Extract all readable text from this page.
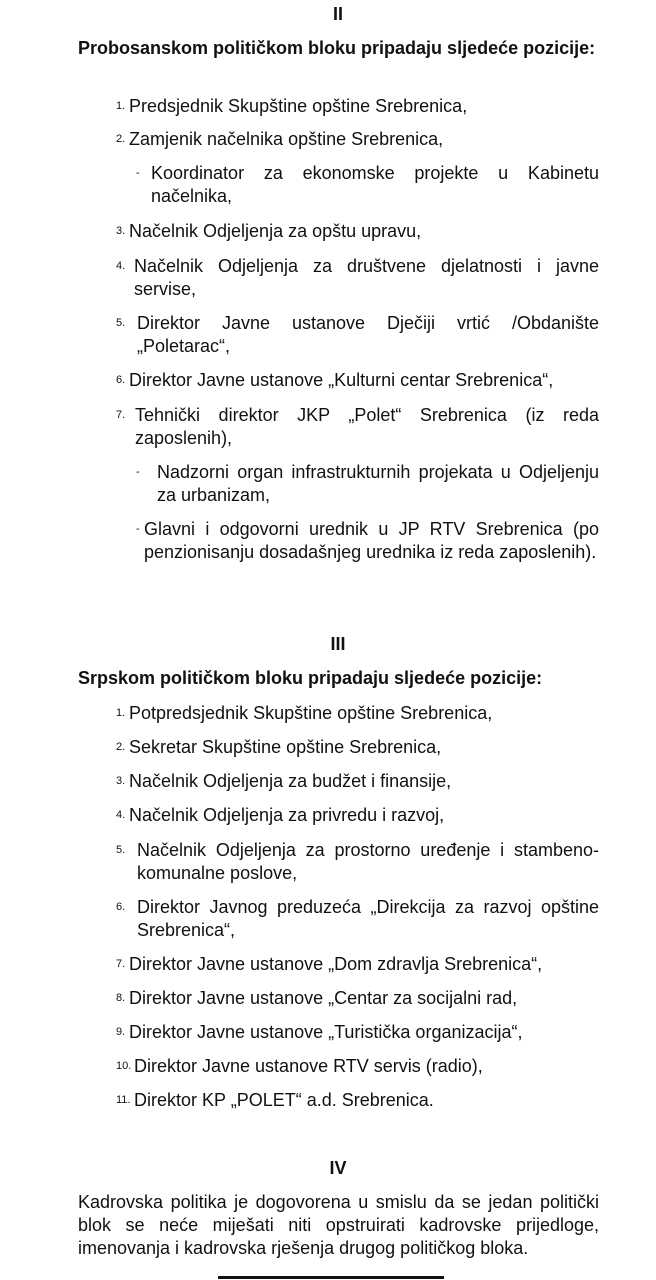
II
Probosanskom političkom bloku pripadaju sljedeće pozicije:
1. Predsjednik Skupštine opštine Srebrenica,
2. Zamjenik načelnika opštine Srebrenica,
- Koordinator za ekonomske projekte u Kabinetu načelnika,
3. Načelnik Odjeljenja za opštu upravu,
4. Načelnik Odjeljenja za društvene djelatnosti i javne servise,
5. Direktor Javne ustanove Dječiji vrtić /Obdanište „Poletarac“,
6. Direktor Javne ustanove „Kulturni centar Srebrenica“,
7. Tehnički direktor JKP „Polet“ Srebrenica (iz reda zaposlenih),
- Nadzorni organ infrastrukturnih projekata u Odjeljenju za urbanizam,
- Glavni i odgovorni urednik u JP RTV Srebrenica (po penzionisanju dosadašnjeg urednika iz reda zaposlenih).
III
Srpskom političkom bloku pripadaju sljedeće pozicije:
1. Potpredsjednik Skupštine opštine Srebrenica,
2. Sekretar Skupštine opštine Srebrenica,
3. Načelnik Odjeljenja za budžet i finansije,
4. Načelnik Odjeljenja za privredu i razvoj,
5. Načelnik Odjeljenja za prostorno uređenje i stambeno-komunalne poslove,
6. Direktor Javnog preduzeća „Direkcija za razvoj opštine Srebrenica“,
7. Direktor Javne ustanove „Dom zdravlja Srebrenica“,
8. Direktor Javne ustanove „Centar za socijalni rad,
9. Direktor Javne ustanove „Turistička organizacija“,
10. Direktor Javne ustanove RTV servis (radio),
11. Direktor KP „POLET“ a.d. Srebrenica.
IV
Kadrovska politika je dogovorena u smislu da se jedan politički blok se neće miješati niti opstruirati kadrovske prijedloge, imenovanja i kadrovska rješenja drugog političkog bloka.
